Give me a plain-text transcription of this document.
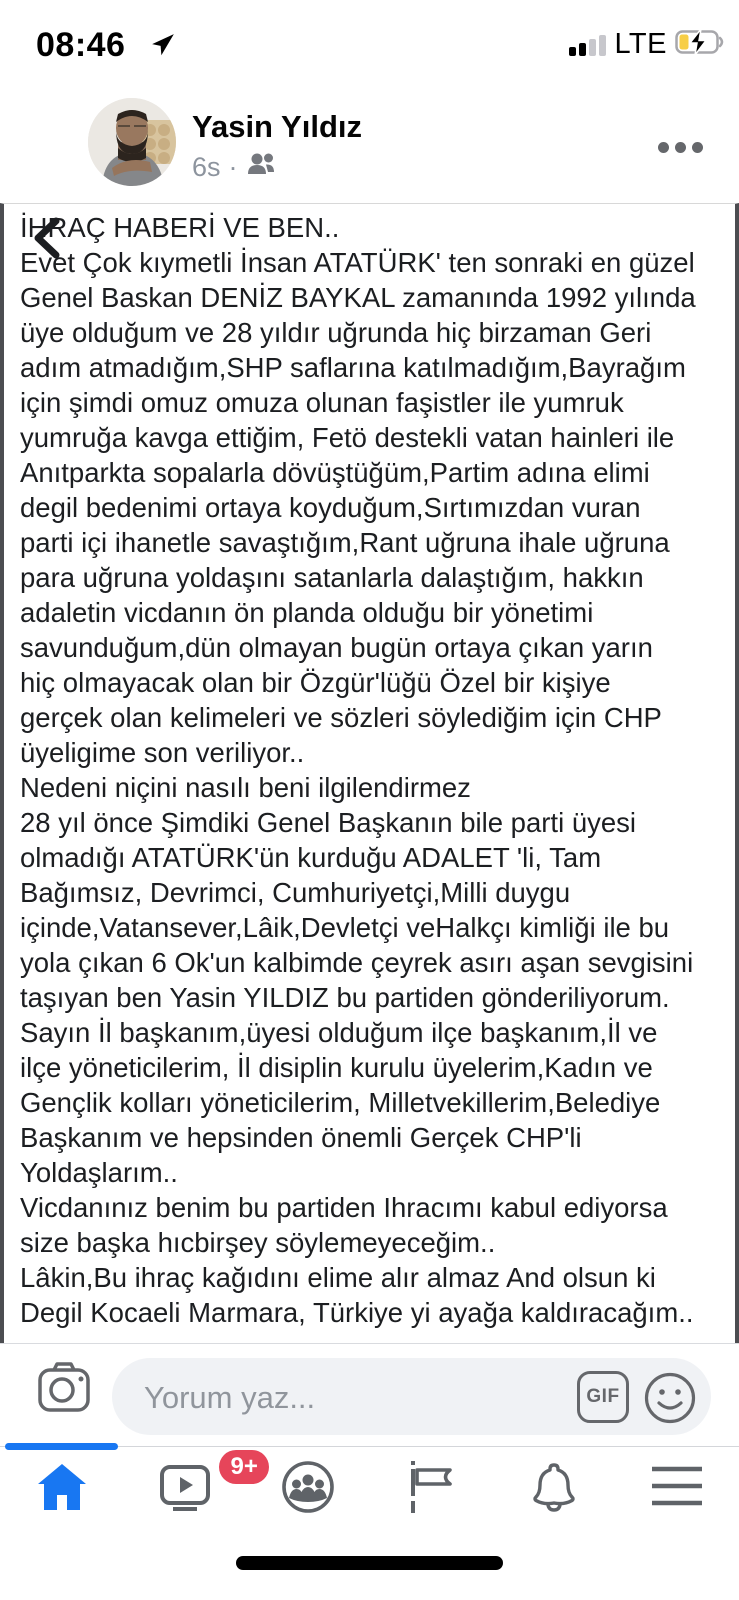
08:46	LTE
Yasin Yıldız
6s ·
İHRAÇ HABERİ VE BEN..
Evet Çok kıymetli İnsan ATATÜRK' ten sonraki en güzel
Genel Baskan DENİZ BAYKAL zamanında 1992 yılında
üye olduğum ve 28 yıldır uğrunda hiç birzaman Geri
adım atmadığım,SHP saflarına katılmadığım,Bayrağım
için şimdi omuz omuza olunan faşistler ile yumruk
yumruğa kavga ettiğim, Fetö destekli vatan hainleri ile
Anıtparkta sopalarla dövüştüğüm,Partim adına elimi
degil bedenimi ortaya koyduğum,Sırtımızdan vuran
parti içi ihanetle savaştığım,Rant uğruna ihale uğruna
para uğruna yoldaşını satanlarla dalaştığım, hakkın
adaletin vicdanın ön planda olduğu bir yönetimi
savunduğum,dün olmayan bugün ortaya çıkan yarın
hiç olmayacak olan bir Özgür'lüğü Özel bir kişiye
gerçek olan kelimeleri ve sözleri söylediğim için CHP
üyeligime son veriliyor..
Nedeni niçini nasılı beni ilgilendirmez
28 yıl önce Şimdiki Genel Başkanın bile parti üyesi
olmadığı ATATÜRK'ün kurduğu ADALET 'li, Tam
Bağımsız, Devrimci, Cumhuriyetçi,Milli duygu
içinde,Vatansever,Lâik,Devletçi veHalkçı kimliği ile bu
yola çıkan 6 Ok'un kalbimde çeyrek asırı aşan sevgisini
taşıyan ben Yasin YILDIZ bu partiden gönderiliyorum.
Sayın İl başkanım,üyesi olduğum ilçe başkanım,İl ve
ilçe yöneticilerim, İl disiplin kurulu üyelerim,Kadın ve
Gençlik kolları yöneticilerim, Milletvekillerim,Belediye
Başkanım ve hepsinden önemli Gerçek CHP'li
Yoldaşlarım..
Vicdanınız benim bu partiden Ihracımı kabul ediyorsa
size başka hıcbirşey söylemeyeceğim..
Lâkin,Bu ihraç kağıdını elime alır almaz And olsun ki
Degil Kocaeli Marmara, Türkiye yi ayağa kaldıracağım..
Yorum yaz...
GIF
9+
